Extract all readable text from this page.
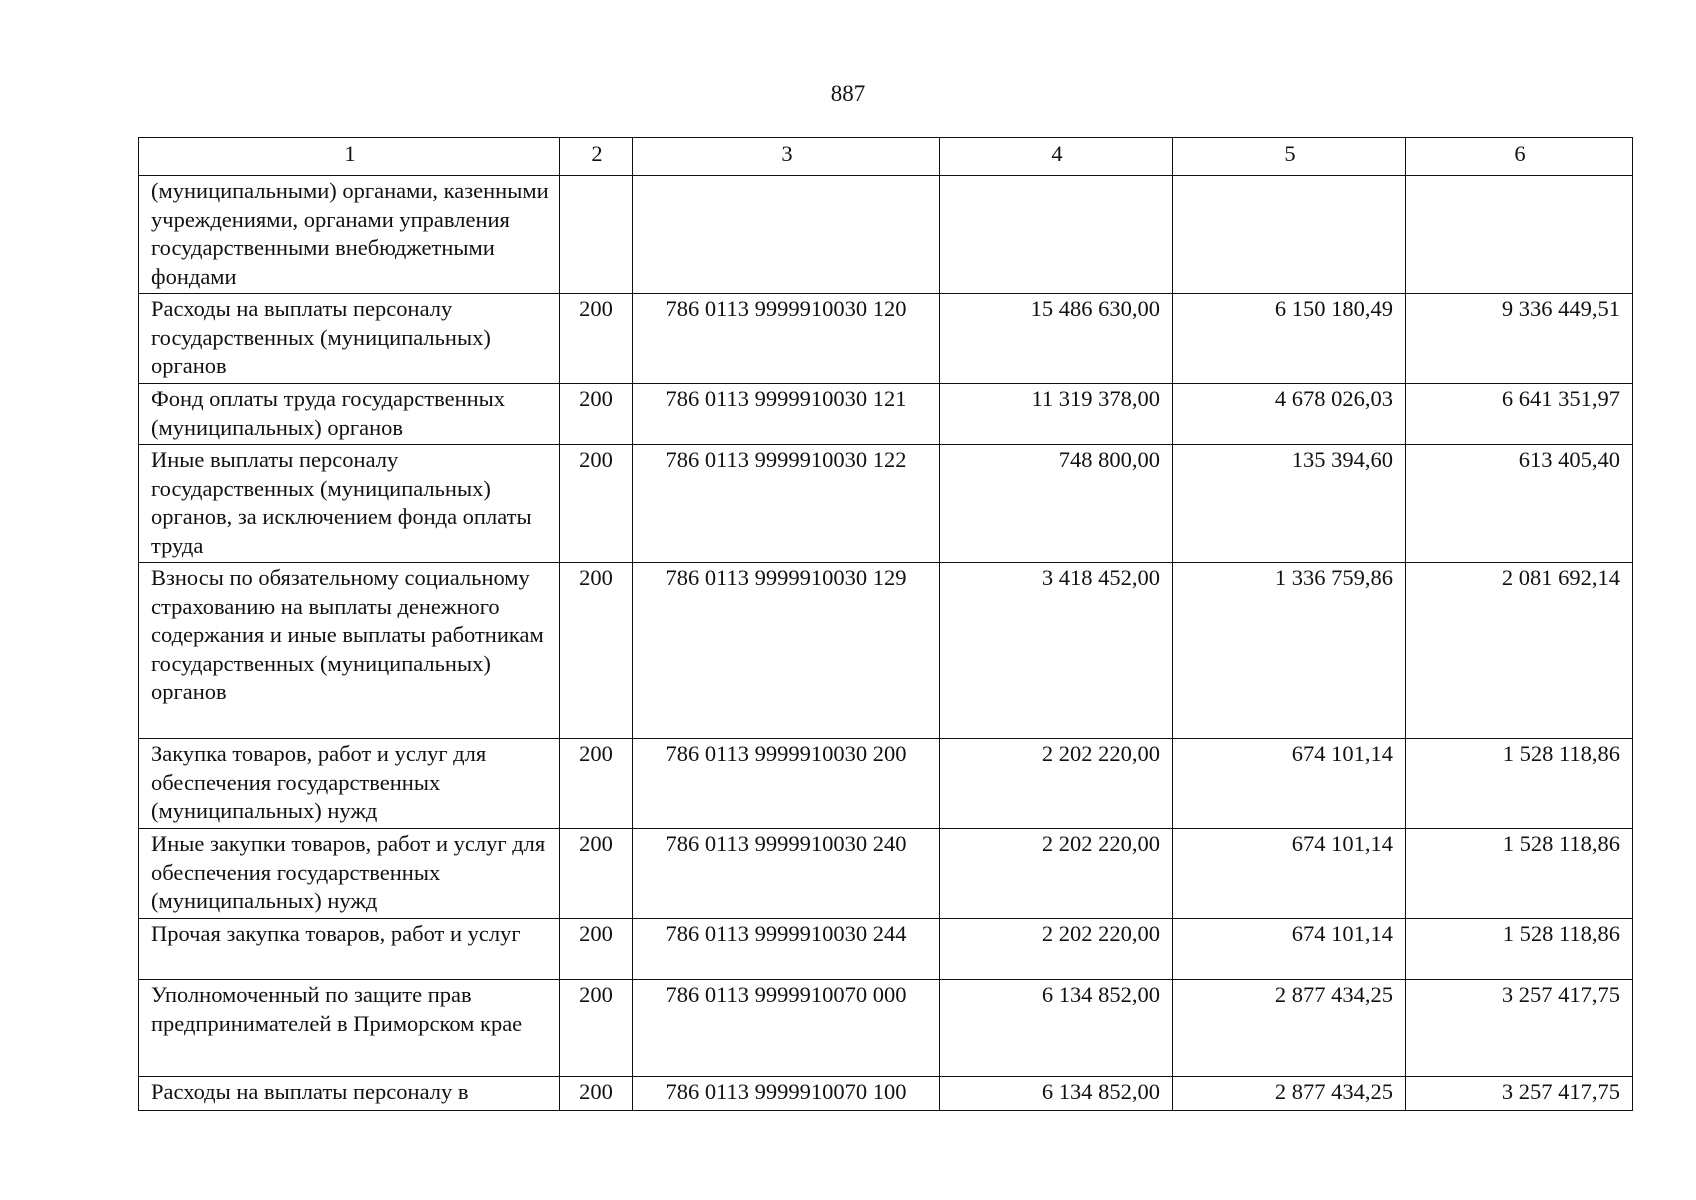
887
1	2	3	4	5	6
(муниципальными) органами, казенными учреждениями, органами управления государственными внебюджетными фондами					
Расходы на выплаты персоналу государственных (муниципальных) органов	200	786 0113 9999910030 120	15 486 630,00	6 150 180,49	9 336 449,51
Фонд оплаты труда государственных (муниципальных) органов	200	786 0113 9999910030 121	11 319 378,00	4 678 026,03	6 641 351,97
Иные выплаты персоналу государственных (муниципальных) органов, за исключением фонда оплаты труда	200	786 0113 9999910030 122	748 800,00	135 394,60	613 405,40
Взносы по обязательному социальному страхованию на выплаты денежного содержания и иные выплаты работникам государственных (муниципальных) органов	200	786 0113 9999910030 129	3 418 452,00	1 336 759,86	2 081 692,14
Закупка товаров, работ и услуг для обеспечения государственных (муниципальных) нужд	200	786 0113 9999910030 200	2 202 220,00	674 101,14	1 528 118,86
Иные закупки товаров, работ и услуг для обеспечения государственных (муниципальных) нужд	200	786 0113 9999910030 240	2 202 220,00	674 101,14	1 528 118,86
Прочая закупка товаров, работ и услуг	200	786 0113 9999910030 244	2 202 220,00	674 101,14	1 528 118,86
Уполномоченный по защите прав предпринимателей в Приморском крае	200	786 0113 9999910070 000	6 134 852,00	2 877 434,25	3 257 417,75
Расходы на выплаты персоналу в	200	786 0113 9999910070 100	6 134 852,00	2 877 434,25	3 257 417,75
